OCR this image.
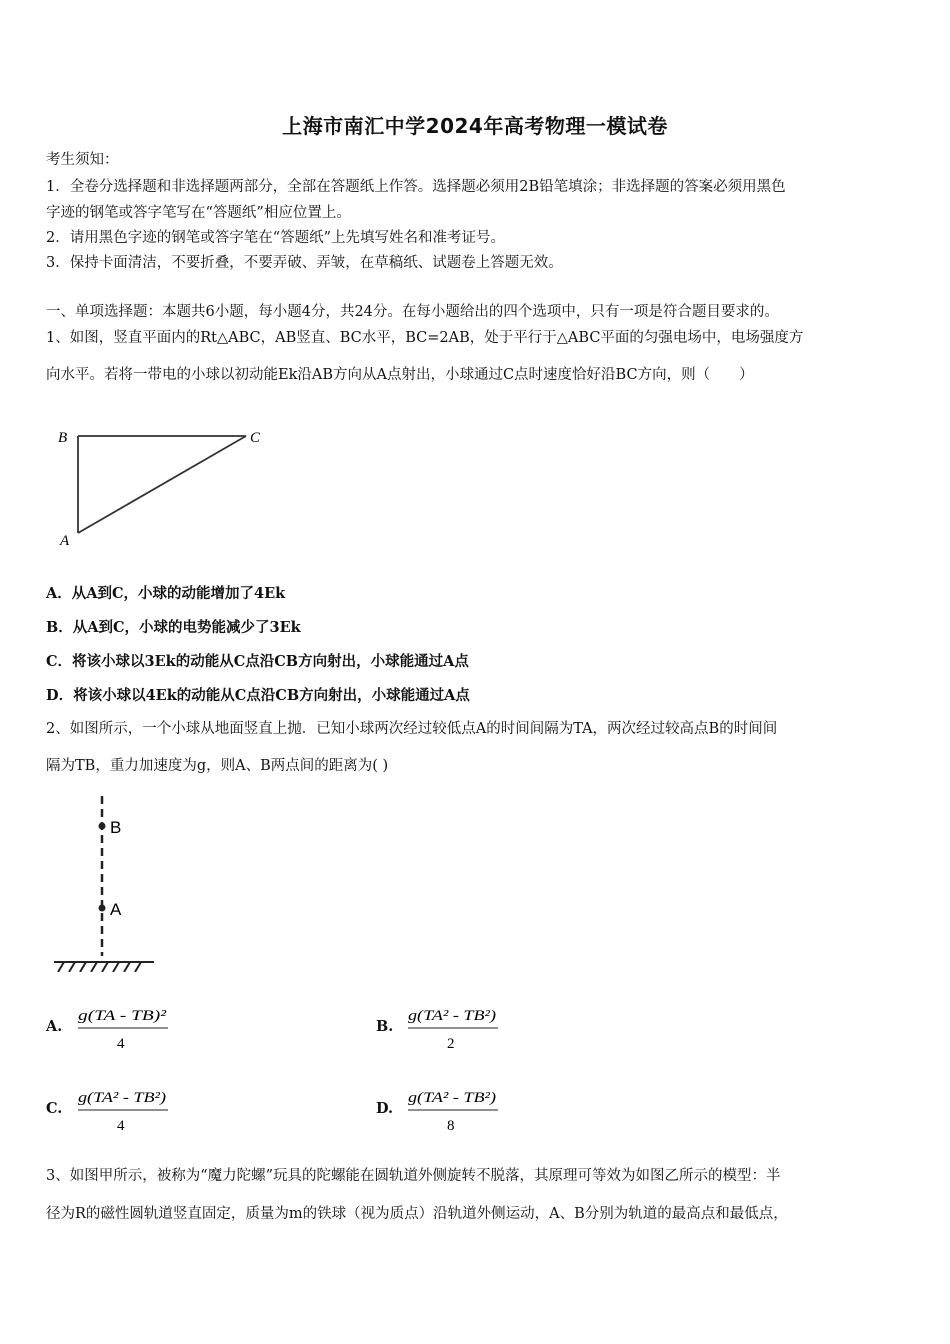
上海市南汇中学2024年高考物理一模试卷
考生须知：
1．全卷分选择题和非选择题两部分，全部在答题纸上作答。选择题必须用2B铅笔填涂；非选择题的答案必须用黑色
字迹的钢笔或答字笔写在“答题纸”相应位置上。
2．请用黑色字迹的钢笔或答字笔在“答题纸”上先填写姓名和准考证号。
3．保持卡面清洁，不要折叠，不要弄破、弄皱，在草稿纸、试题卷上答题无效。
一、单项选择题：本题共6小题，每小题4分，共24分。在每小题给出的四个选项中，只有一项是符合题目要求的。
1、如图，竖直平面内的Rt△ABC，AB竖直、BC水平，BC=2AB，处于平行于△ABC平面的匀强电场中，电场强度方
向水平。若将一带电的小球以初动能Ek沿AB方向从A点射出，小球通过C点时速度恰好沿BC方向，则（　　）
B	C
A
A．从A到C，小球的动能增加了4Ek
B．从A到C，小球的电势能减少了3Ek
C．将该小球以3Ek的动能从C点沿CB方向射出，小球能通过A点
D．将该小球以4Ek的动能从C点沿CB方向射出，小球能通过A点
2、如图所示，一个小球从地面竖直上抛．已知小球两次经过较低点A的时间间隔为TA，两次经过较高点B的时间间
隔为TB，重力加速度为g，则A、B两点间的距离为( )
B
A
A.
g(TA - TB)²
4
B.
g(TA² - TB²)
2
C.
g(TA² - TB²)
4
D.
g(TA² - TB²)
8
3、如图甲所示，被称为“魔力陀螺”玩具的陀螺能在圆轨道外侧旋转不脱落，其原理可等效为如图乙所示的模型：半
径为R的磁性圆轨道竖直固定，质量为m的铁球（视为质点）沿轨道外侧运动，A、B分别为轨道的最高点和最低点，
